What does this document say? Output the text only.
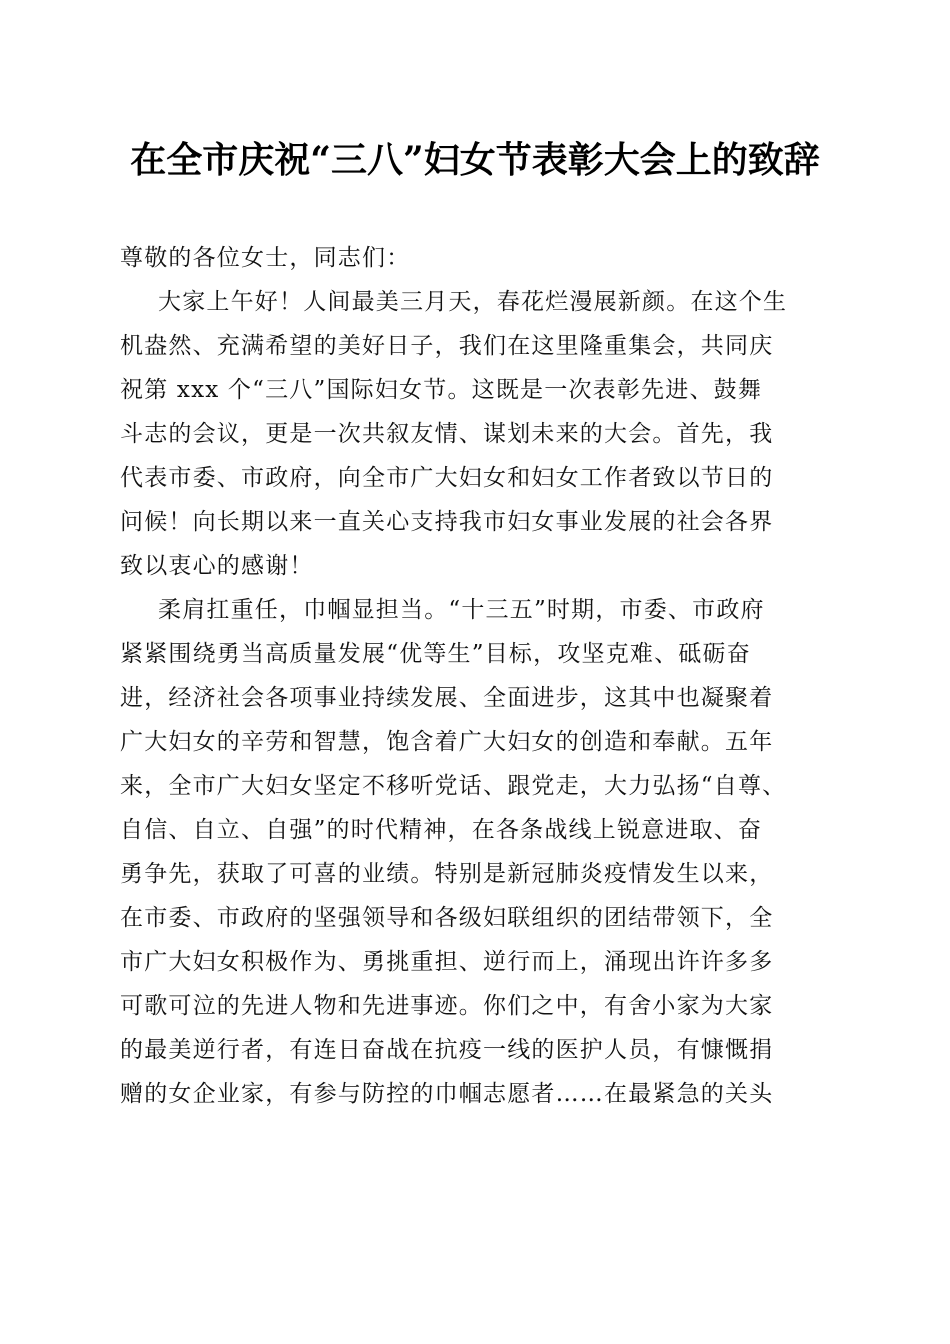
在全市庆祝“三八”妇女节表彰大会上的致辞
尊敬的各位女士，同志们：
大家上午好！人间最美三月天，春花烂漫展新颜。在这个生
机盎然、充满希望的美好日子，我们在这里隆重集会，共同庆
祝第 xxx 个“三八”国际妇女节。这既是一次表彰先进、鼓舞
斗志的会议，更是一次共叙友情、谋划未来的大会。首先，我
代表市委、市政府，向全市广大妇女和妇女工作者致以节日的
问候！向长期以来一直关心支持我市妇女事业发展的社会各界
致以衷心的感谢！
柔肩扛重任，巾帼显担当。“十三五”时期，市委、市政府
紧紧围绕勇当高质量发展“优等生”目标，攻坚克难、砥砺奋
进，经济社会各项事业持续发展、全面进步，这其中也凝聚着
广大妇女的辛劳和智慧，饱含着广大妇女的创造和奉献。五年
来，全市广大妇女坚定不移听党话、跟党走，大力弘扬“自尊、
自信、自立、自强”的时代精神，在各条战线上锐意进取、奋
勇争先，获取了可喜的业绩。特别是新冠肺炎疫情发生以来，
在市委、市政府的坚强领导和各级妇联组织的团结带领下，全
市广大妇女积极作为、勇挑重担、逆行而上，涌现出许许多多
可歌可泣的先进人物和先进事迹。你们之中，有舍小家为大家
的最美逆行者，有连日奋战在抗疫一线的医护人员，有慷慨捐
赠的女企业家，有参与防控的巾帼志愿者……在最紧急的关头
